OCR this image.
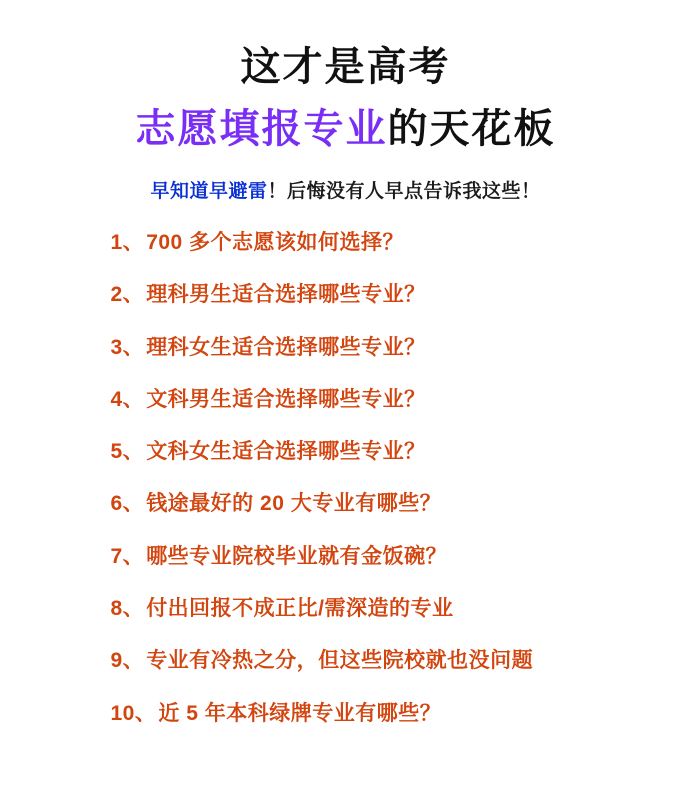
这才是高考
志愿填报专业的天花板
早知道早避雷！后悔没有人早点告诉我这些！
1、 700 多个志愿该如何选择？
2、 理科男生适合选择哪些专业？
3、 理科女生适合选择哪些专业？
4、 文科男生适合选择哪些专业？
5、 文科女生适合选择哪些专业？
6、 钱途最好的 20 大专业有哪些？
7、 哪些专业院校毕业就有金饭碗？
8、 付出回报不成正比/需深造的专业
9、 专业有冷热之分，但这些院校就也没问题
10、 近 5 年本科绿牌专业有哪些？
